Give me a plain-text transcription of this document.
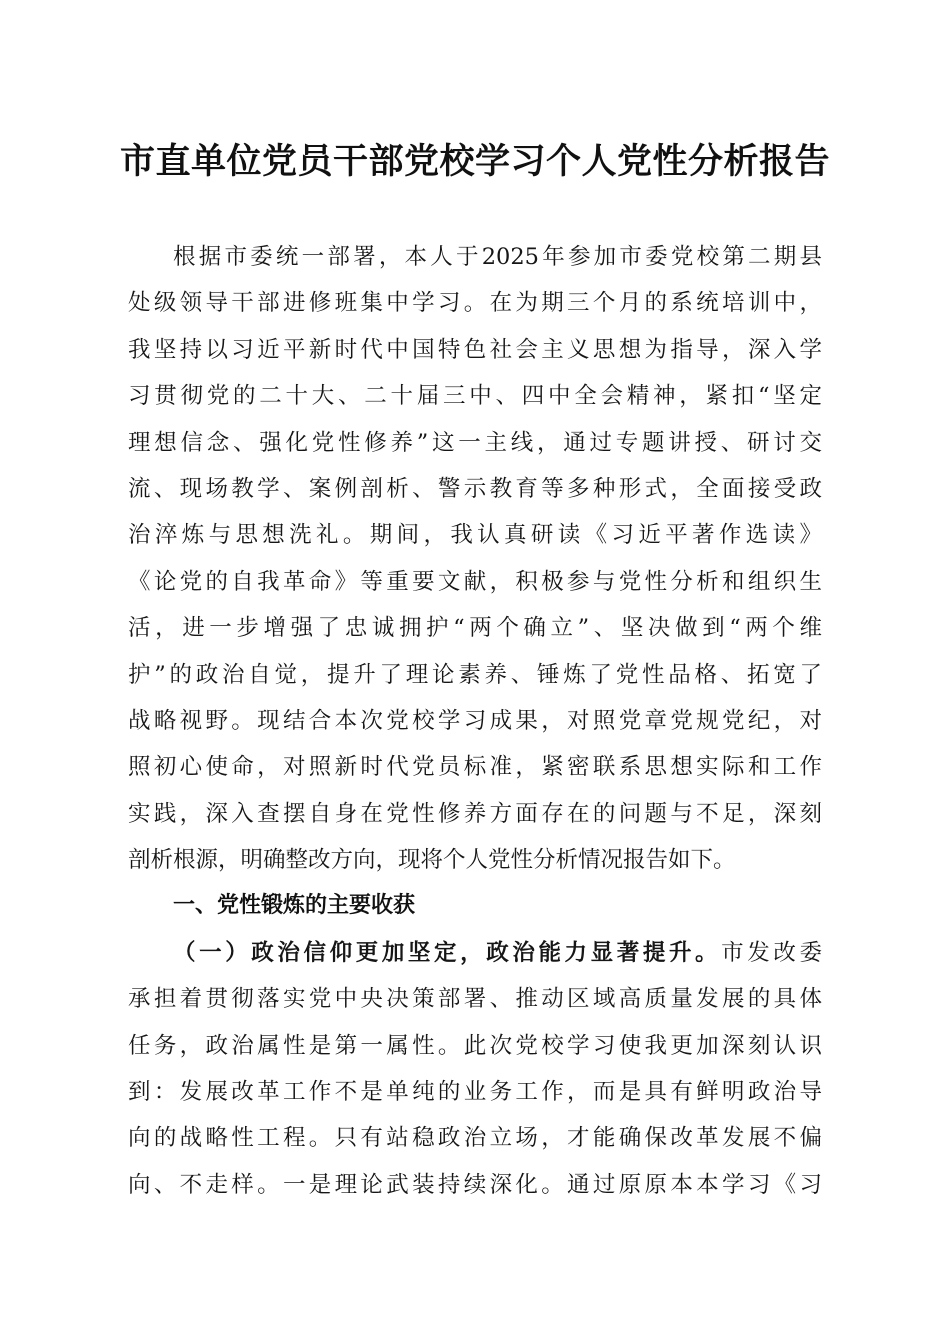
市直单位党员干部党校学习个人党性分析报告
根据市委统一部署，本人于2025年参加市委党校第二期县
处级领导干部进修班集中学习。在为期三个月的系统培训中，
我坚持以习近平新时代中国特色社会主义思想为指导，深入学
习贯彻党的二十大、二十届三中、四中全会精神，紧扣“坚定
理想信念、强化党性修养”这一主线，通过专题讲授、研讨交
流、现场教学、案例剖析、警示教育等多种形式，全面接受政
治淬炼与思想洗礼。期间，我认真研读《习近平著作选读》
《论党的自我革命》等重要文献，积极参与党性分析和组织生
活，进一步增强了忠诚拥护“两个确立”、坚决做到“两个维
护”的政治自觉，提升了理论素养、锤炼了党性品格、拓宽了
战略视野。现结合本次党校学习成果，对照党章党规党纪，对
照初心使命，对照新时代党员标准，紧密联系思想实际和工作
实践，深入查摆自身在党性修养方面存在的问题与不足，深刻
剖析根源，明确整改方向，现将个人党性分析情况报告如下。
一、党性锻炼的主要收获
（一）政治信仰更加坚定，政治能力显著提升。市发改委
承担着贯彻落实党中央决策部署、推动区域高质量发展的具体
任务，政治属性是第一属性。此次党校学习使我更加深刻认识
到：发展改革工作不是单纯的业务工作，而是具有鲜明政治导
向的战略性工程。只有站稳政治立场，才能确保改革发展不偏
向、不走样。一是理论武装持续深化。通过原原本本学习《习
